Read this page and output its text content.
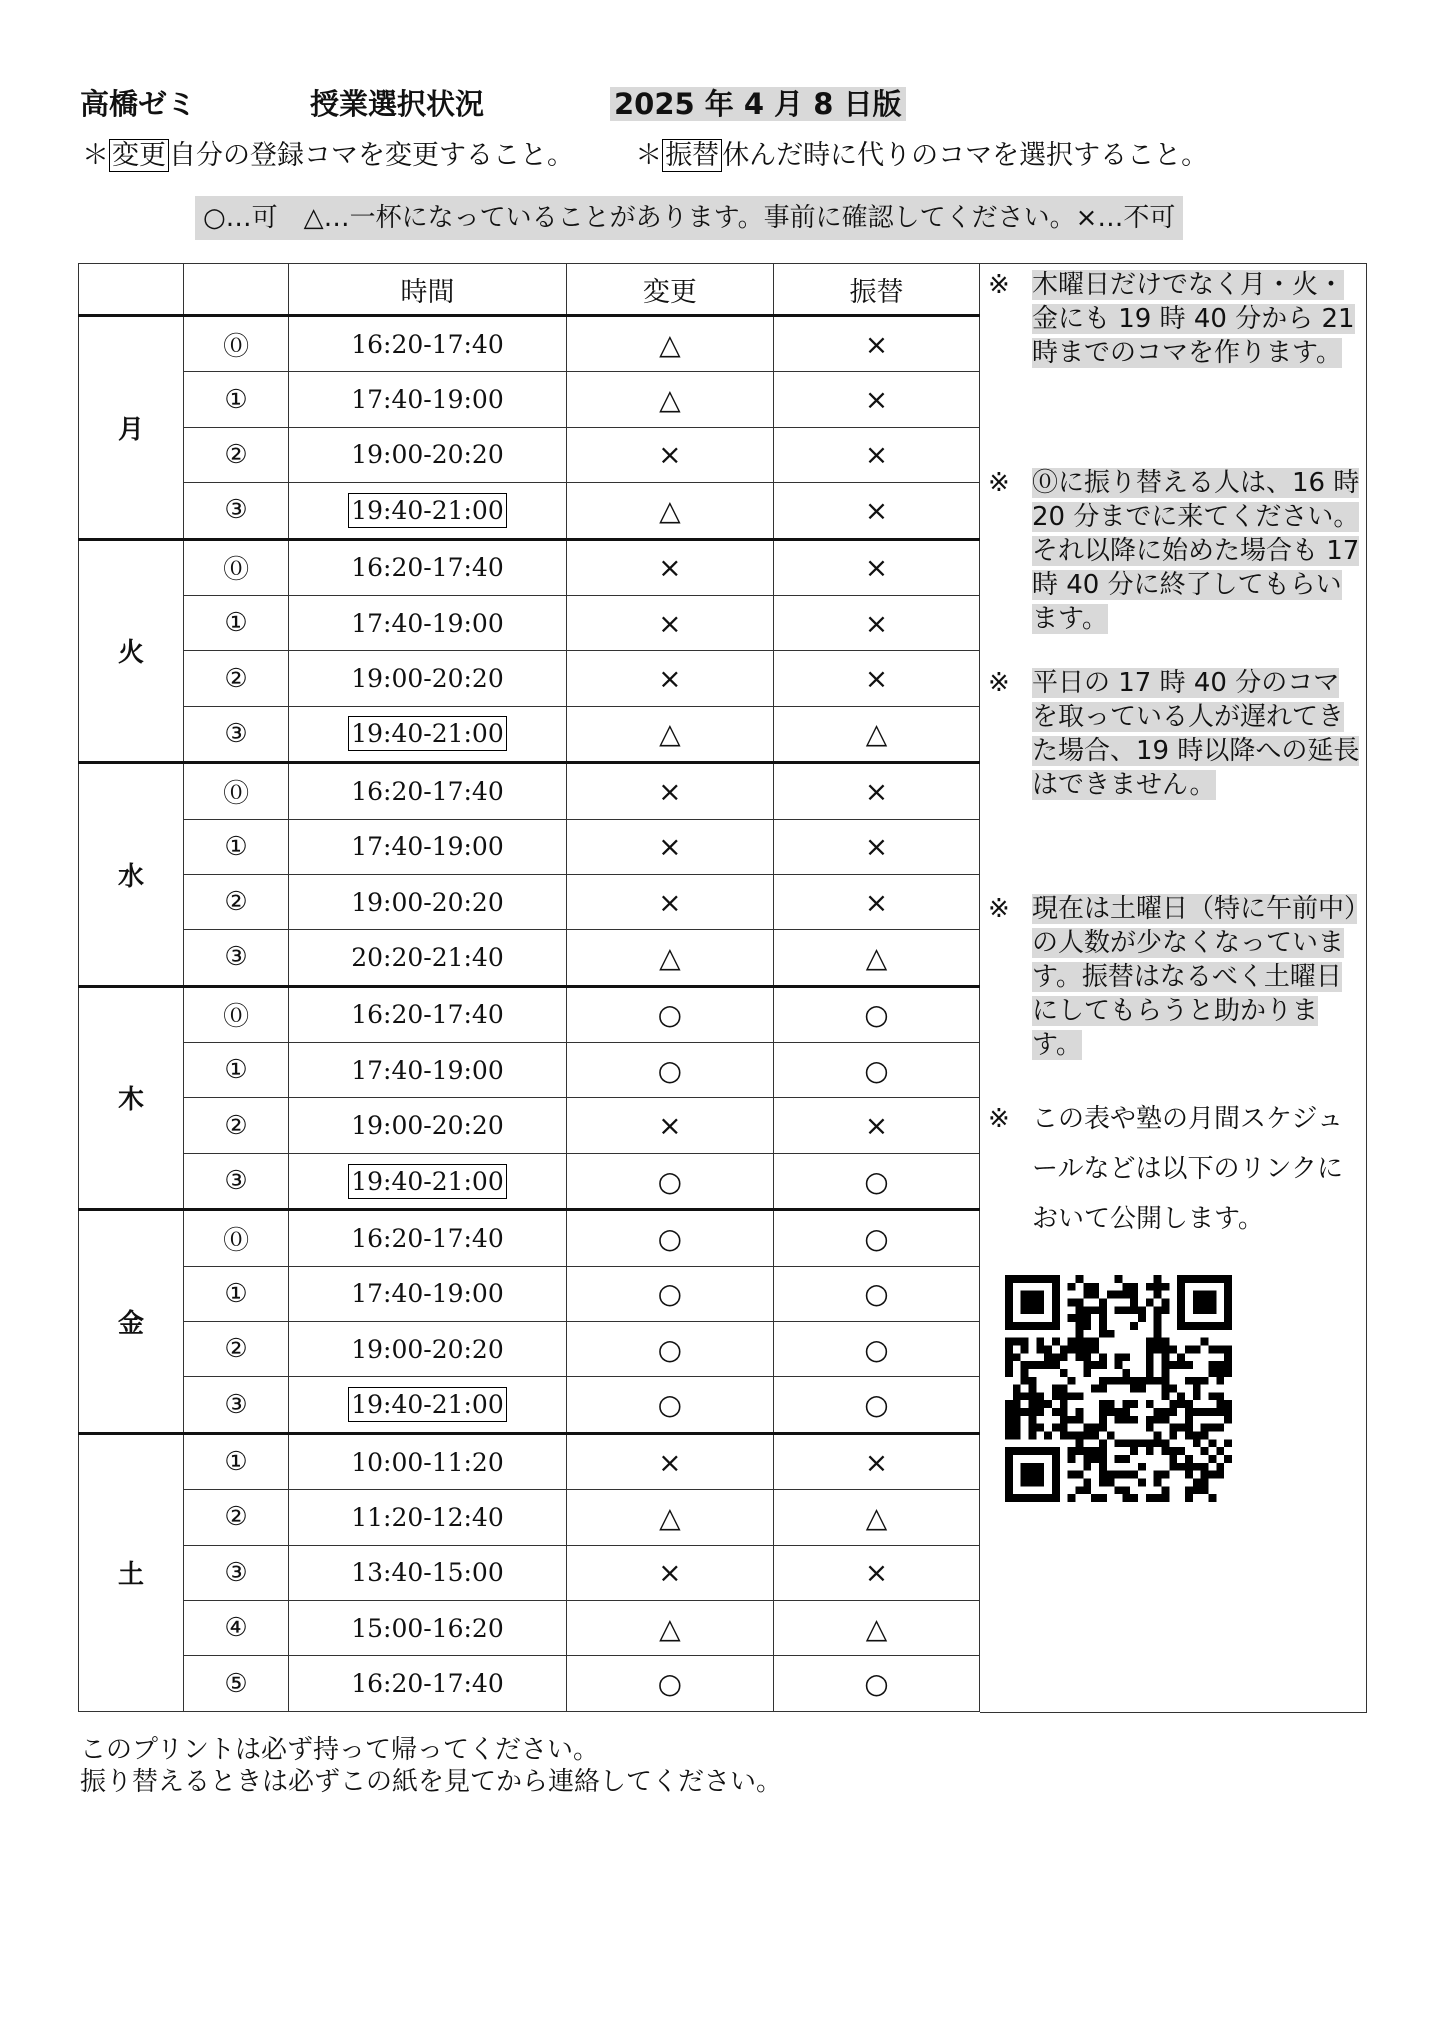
高橋ゼミ	授業選択状況	2025 年 4 月 8 日版
＊ 変更 自分の登録コマを変更すること。 ＊ 振替 休んだ時に代りのコマを選択すること。
○…可　△…一杯になっていることがあります。事前に確認してください。×…不可
		時間	変更	振替
月	⓪	16:20-17:40	△	×
	①	17:40-19:00	△	×
	②	19:00-20:20	×	×
	③	19:40-21:00	△	×
火	⓪	16:20-17:40	×	×
	①	17:40-19:00	×	×
	②	19:00-20:20	×	×
	③	19:40-21:00	△	△
水	⓪	16:20-17:40	×	×
	①	17:40-19:00	×	×
	②	19:00-20:20	×	×
	③	20:20-21:40	△	△
木	⓪	16:20-17:40	○	○
	①	17:40-19:00	○	○
	②	19:00-20:20	×	×
	③	19:40-21:00	○	○
金	⓪	16:20-17:40	○	○
	①	17:40-19:00	○	○
	②	19:00-20:20	○	○
	③	19:40-21:00	○	○
土	①	10:00-11:20	×	×
	②	11:20-12:40	△	△
	③	13:40-15:00	×	×
	④	15:00-16:20	△	△
	⑤	16:20-17:40	○	○
※ 木曜日だけでなく月・火・金にも 19 時 40 分から 21 時までのコマを作ります。
※ ⓪に振り替える人は、16 時 20 分までに来てください。それ以降に始めた場合も 17 時 40 分に終了してもらいます。
※ 平日の 17 時 40 分のコマを取っている人が遅れてきた場合、19 時以降への延長はできません。
※ 現在は土曜日（特に午前中）の人数が少なくなっています。振替はなるべく土曜日にしてもらうと助かります。
※ この表や塾の月間スケジュールなどは以下のリンクにおいて公開します。
このプリントは必ず持って帰ってください。
振り替えるときは必ずこの紙を見てから連絡してください。
